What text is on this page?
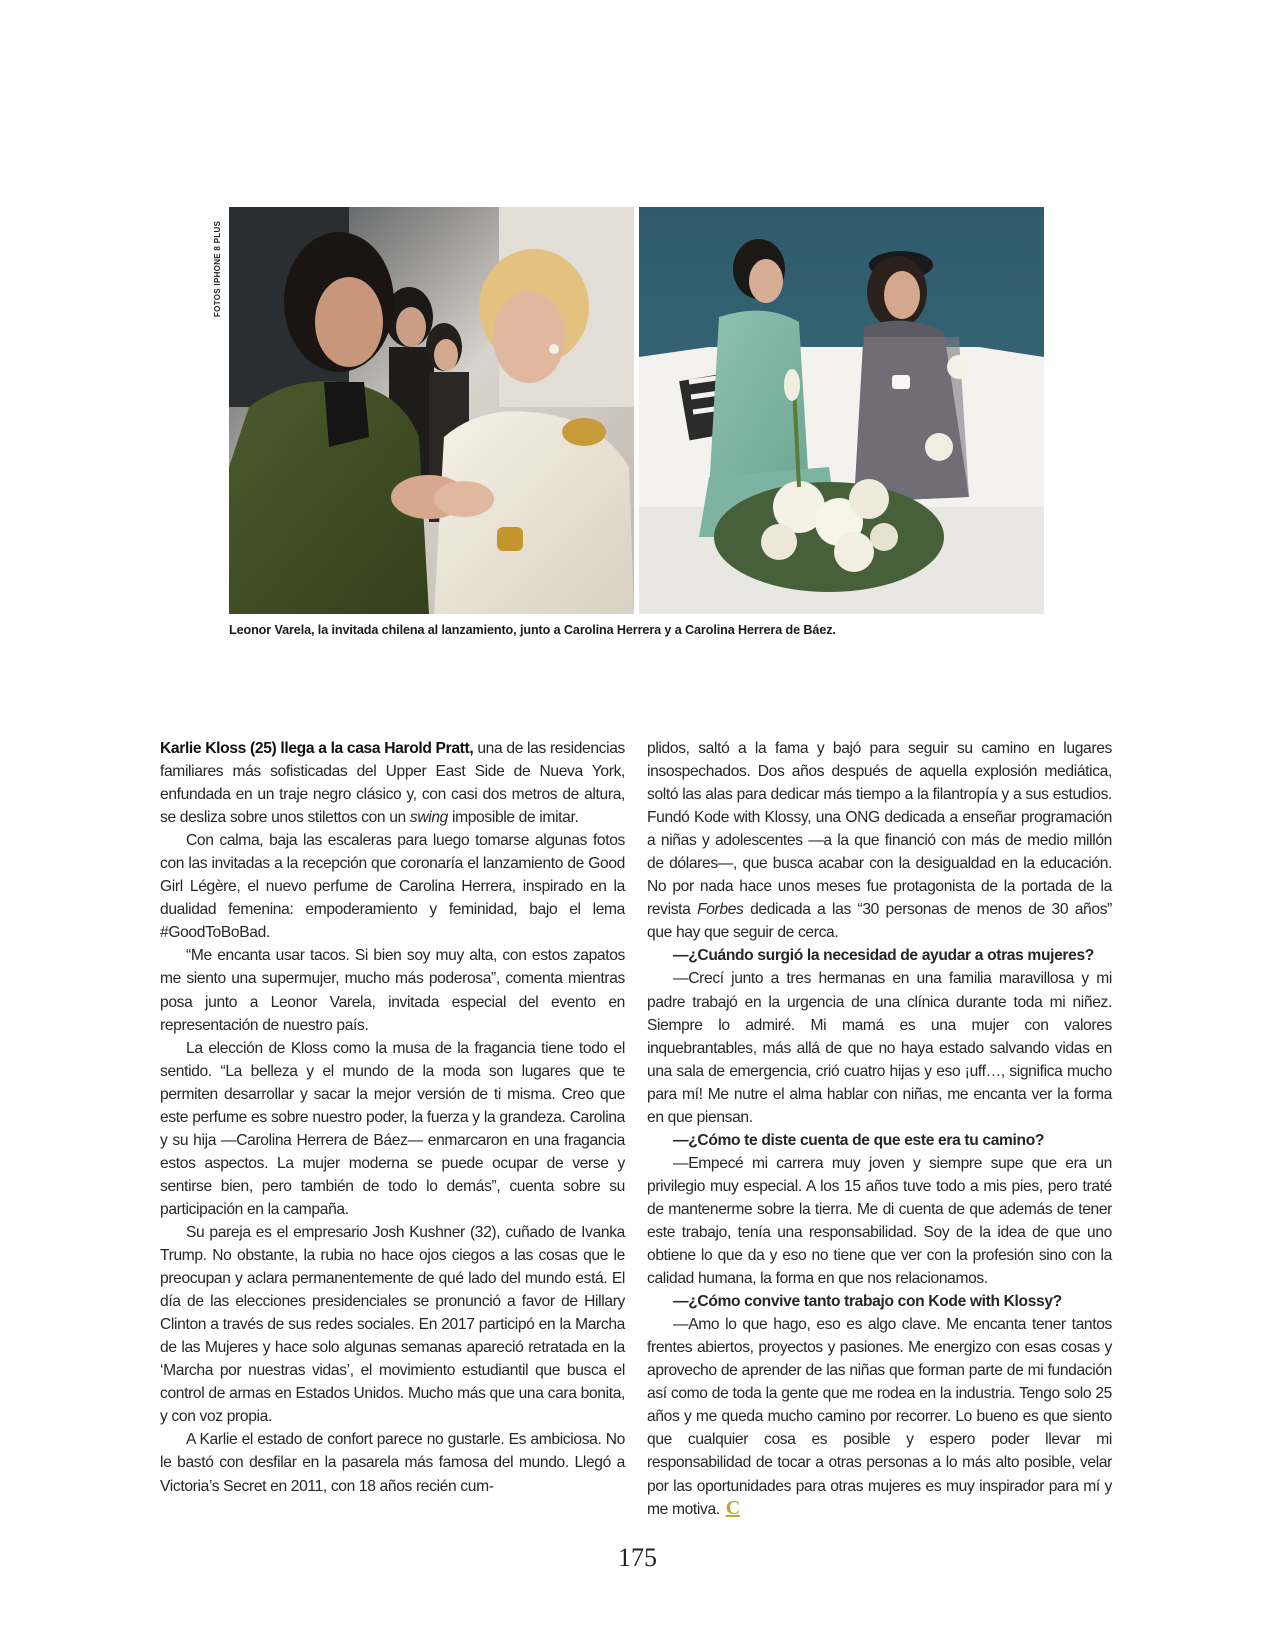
FOTOS IPHONE 8 PLUS
Leonor Varela, la invitada chilena al lanzamiento, junto a Carolina Herrera y a Carolina Herrera de Báez.

Karlie Kloss (25) llega a la casa Harold Pratt, una de las residencias familiares más sofisticadas del Upper East Side de Nueva York, enfundada en un traje negro clásico y, con casi dos metros de altura, se desliza sobre unos stilettos con un swing imposible de imitar.

Con calma, baja las escaleras para luego tomarse algunas fotos con las invitadas a la recepción que coronaría el lanzamiento de Good Girl Légère, el nuevo perfume de Carolina Herrera, inspirado en la dualidad femenina: empoderamiento y feminidad, bajo el lema #GoodToBoBad.

“Me encanta usar tacos. Si bien soy muy alta, con estos zapatos me siento una supermujer, mucho más poderosa”, comenta mientras posa junto a Leonor Varela, invitada especial del evento en representación de nuestro país.

La elección de Kloss como la musa de la fragancia tiene todo el sentido. “La belleza y el mundo de la moda son lugares que te permiten desarrollar y sacar la mejor versión de ti misma. Creo que este perfume es sobre nuestro poder, la fuerza y la grandeza. Carolina y su hija —Carolina Herrera de Báez— enmarcaron en una fragancia estos aspectos. La mujer moderna se puede ocupar de verse y sentirse bien, pero también de todo lo demás”, cuenta sobre su participación en la campaña.

Su pareja es el empresario Josh Kushner (32), cuñado de Ivanka Trump. No obstante, la rubia no hace ojos ciegos a las cosas que le preocupan y aclara permanentemente de qué lado del mundo está. El día de las elecciones presidenciales se pronunció a favor de Hillary Clinton a través de sus redes sociales. En 2017 participó en la Marcha de las Mujeres y hace solo algunas semanas apareció retratada en la ‘Marcha por nuestras vidas’, el movimiento estudiantil que busca el control de armas en Estados Unidos. Mucho más que una cara bonita, y con voz propia.

A Karlie el estado de confort parece no gustarle. Es ambiciosa. No le bastó con desfilar en la pasarela más famosa del mundo. Llegó a Victoria’s Secret en 2011, con 18 años recién cum-

plidos, saltó a la fama y bajó para seguir su camino en lugares insospechados. Dos años después de aquella explosión mediática, soltó las alas para dedicar más tiempo a la filantropía y a sus estudios. Fundó Kode with Klossy, una ONG dedicada a enseñar programación a niñas y adolescentes —a la que financió con más de medio millón de dólares—, que busca acabar con la desigualdad en la educación. No por nada hace unos meses fue protagonista de la portada de la revista Forbes dedicada a las “30 personas de menos de 30 años” que hay que seguir de cerca.

—¿Cuándo surgió la necesidad de ayudar a otras mujeres?

—Crecí junto a tres hermanas en una familia maravillosa y mi padre trabajó en la urgencia de una clínica durante toda mi niñez. Siempre lo admiré. Mi mamá es una mujer con valores inquebrantables, más allá de que no haya estado salvando vidas en una sala de emergencia, crió cuatro hijas y eso ¡uff…, significa mucho para mí! Me nutre el alma hablar con niñas, me encanta ver la forma en que piensan.

—¿Cómo te diste cuenta de que este era tu camino?

—Empecé mi carrera muy joven y siempre supe que era un privilegio muy especial. A los 15 años tuve todo a mis pies, pero traté de mantenerme sobre la tierra. Me di cuenta de que además de tener este trabajo, tenía una responsabilidad. Soy de la idea de que uno obtiene lo que da y eso no tiene que ver con la profesión sino con la calidad humana, la forma en que nos relacionamos.

—¿Cómo convive tanto trabajo con Kode with Klossy?

—Amo lo que hago, eso es algo clave. Me encanta tener tantos frentes abiertos, proyectos y pasiones. Me energizo con esas cosas y aprovecho de aprender de las niñas que forman parte de mi fundación así como de toda la gente que me rodea en la industria. Tengo solo 25 años y me queda mucho camino por recorrer. Lo bueno es que siento que cualquier cosa es posible y espero poder llevar mi responsabilidad de tocar a otras personas a lo más alto posible, velar por las oportunidades para otras mujeres es muy inspirador para mí y me motiva. C

175
